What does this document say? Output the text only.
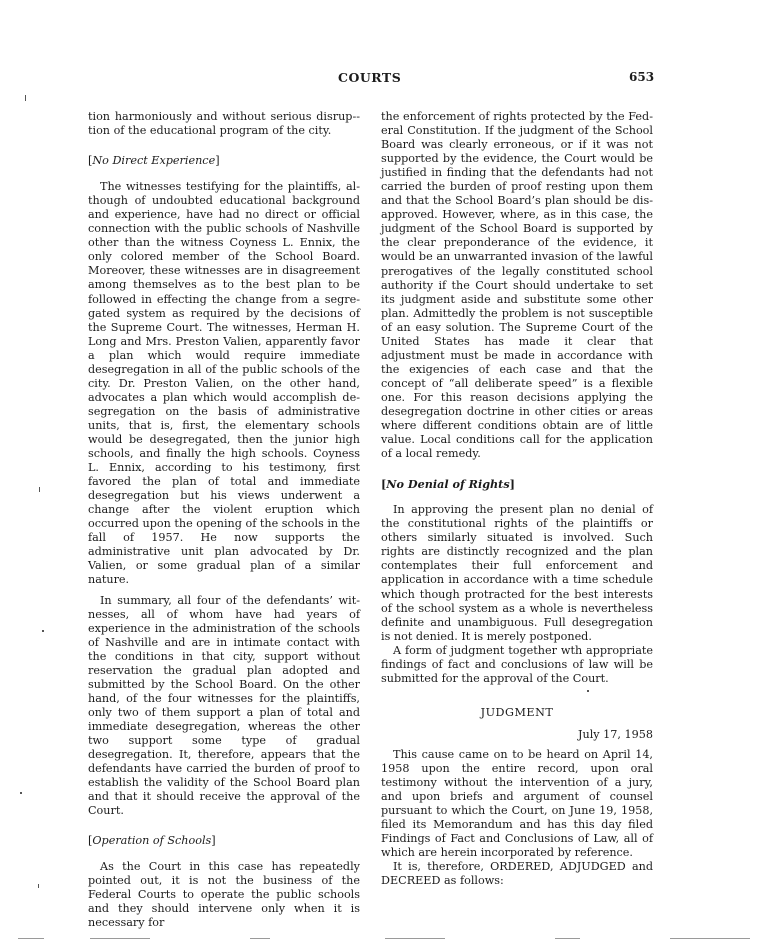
COURTS	653

tion harmoniously and without serious disrup-tion of the educational program of the city.

[No Direct Experience]

The witnesses testifying for the plaintiffs, although of undoubted educational background and experience, have had no direct or official connection with the public schools of Nashville other than the witness Coyness L. Ennix, the only colored member of the School Board. Moreover, these witnesses are in disagreement among themselves as to the best plan to be followed in effecting the change from a segregated system as required by the decisions of the Supreme Court. The witnesses, Herman H. Long and Mrs. Preston Valien, apparently favor a plan which would require immediate desegregation in all of the public schools of the city. Dr. Preston Valien, on the other hand, advocates a plan which would accomplish desegregation on the basis of administrative units, that is, first, the elementary schools would be desegregated, then the junior high schools, and finally the high schools. Coyness L. Ennix, according to his testimony, first favored the plan of total and immediate desegregation but his views underwent a change after the violent eruption which occurred upon the opening of the schools in the fall of 1957. He now supports the administrative unit plan advocated by Dr. Valien, or some gradual plan of a similar nature.

In summary, all four of the defendants’ witnesses, all of whom have had years of experience in the administration of the schools of Nashville and are in intimate contact with the conditions in that city, support without reservation the gradual plan adopted and submitted by the School Board. On the other hand, of the four witnesses for the plaintiffs, only two of them support a plan of total and immediate desegregation, whereas the other two support some type of gradual desegregation. It, therefore, appears that the defendants have carried the burden of proof to establish the validity of the School Board plan and that it should receive the approval of the Court.

[Operation of Schools]

As the Court in this case has repeatedly pointed out, it is not the business of the Federal Courts to operate the public schools and they should intervene only when it is necessary for

the enforcement of rights protected by the Federal Constitution. If the judgment of the School Board was clearly erroneous, or if it was not supported by the evidence, the Court would be justified in finding that the defendants had not carried the burden of proof resting upon them and that the School Board’s plan should be disapproved. However, where, as in this case, the judgment of the School Board is supported by the clear preponderance of the evidence, it would be an unwarranted invasion of the lawful prerogatives of the legally constituted school authority if the Court should undertake to set its judgment aside and substitute some other plan. Admittedly the problem is not susceptible of an easy solution. The Supreme Court of the United States has made it clear that adjustment must be made in accordance with the exigencies of each case and that the concept of “all deliberate speed” is a flexible one. For this reason decisions applying the desegregation doctrine in other cities or areas where different conditions obtain are of little value. Local conditions call for the application of a local remedy.

[No Denial of Rights]

In approving the present plan no denial of the constitutional rights of the plaintiffs or others similarly situated is involved. Such rights are distinctly recognized and the plan contemplates their full enforcement and application in accordance with a time schedule which though protracted for the best interests of the school system as a whole is nevertheless definite and unambiguous. Full desegregation is not denied. It is merely postponed.

A form of judgment together wth appropriate findings of fact and conclusions of law will be submitted for the approval of the Court.

JUDGMENT

July 17, 1958

This cause came on to be heard on April 14, 1958 upon the entire record, upon oral testimony without the intervention of a jury, and upon briefs and argument of counsel pursuant to which the Court, on June 19, 1958, filed its Memorandum and has this day filed Findings of Fact and Conclusions of Law, all of which are herein incorporated by reference.

It is, therefore, ORDERED, ADJUDGED and DECREED as follows:
